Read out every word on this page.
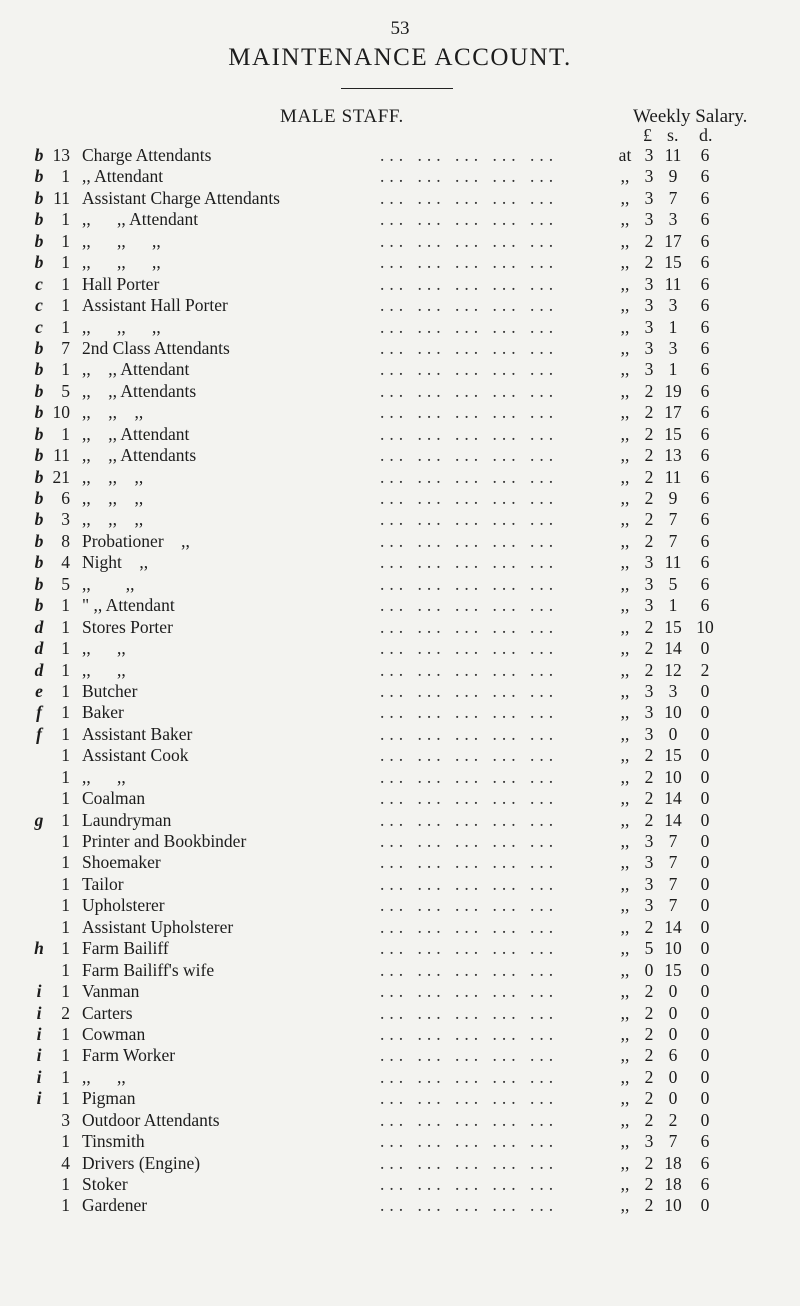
53
MAINTENANCE ACCOUNT.
MALE STAFF.	Weekly Salary.
£ s. d.
b 13 Charge Attendants	at 3 11	6
... ... ... ... ...
b	1 ,, Attendant	,, 3 9	6
... ... ... ... ...
b 11 Assistant Charge Attendants	,, 3 7	6
... ... ... ... ...
b	1 ,,      ,, Attendant	,, 3 3	6
... ... ... ... ...
b	1 ,,      ,,      ,,	,, 2 17	6
... ... ... ... ...
b	1 ,,      ,,      ,,	,, 2 15	6
... ... ... ... ...
c	1 Hall Porter	,, 3 11	6
... ... ... ... ...
c	1 Assistant Hall Porter	,, 3 3	6
... ... ... ... ...
c	1 ,,      ,,      ,,	,, 3 1	6
... ... ... ... ...
b	7 2nd Class Attendants	,, 3 3	6
... ... ... ... ...
b	1 ,,    ,, Attendant	,, 3 1	6
... ... ... ... ...
b	5 ,,    ,, Attendants	,, 2 19	6
... ... ... ... ...
b 10 ,,    ,,    ,,	,, 2 17	6
... ... ... ... ...
b	1 ,,    ,, Attendant	,, 2 15	6
... ... ... ... ...
b 11 ,,    ,, Attendants	,, 2 13	6
... ... ... ... ...
b 21 ,,    ,,    ,,	,, 2 11	6
... ... ... ... ...
b	6 ,,    ,,    ,,	,, 2 9	6
... ... ... ... ...
b	3 ,,    ,,    ,,	,, 2 7	6
... ... ... ... ...
b	8 Probationer    ,,	,, 2 7	6
... ... ... ... ...
b	4 Night    ,,	,, 3 11	6
... ... ... ... ...
b	5 ,,        ,,	,, 3 5	6
... ... ... ... ...
b	1 " ,, Attendant	,, 3 1	6
... ... ... ... ...
d	1 Stores Porter	,, 2 15 10
... ... ... ... ...
d	1 ,,      ,,	,, 2 14	0
... ... ... ... ...
d	1 ,,      ,,	,, 2 12	2
... ... ... ... ...
e	1 Butcher	,, 3 3	0
... ... ... ... ...
f	1 Baker	,, 3 10	0
... ... ... ... ...
f	1 Assistant Baker	,, 3 0	0
... ... ... ... ...
1 Assistant Cook	,, 2 15	0
... ... ... ... ...
1 ,,      ,,	,, 2 10	0
... ... ... ... ...
1 Coalman	,, 2 14	0
... ... ... ... ...
g	1 Laundryman	,, 2 14	0
... ... ... ... ...
1 Printer and Bookbinder	,, 3 7	0
... ... ... ... ...
1 Shoemaker	,, 3 7	0
... ... ... ... ...
1 Tailor	,, 3 7	0
... ... ... ... ...
1 Upholsterer	,, 3 7	0
... ... ... ... ...
1 Assistant Upholsterer	,, 2 14	0
... ... ... ... ...
h 1 Farm Bailiff	,, 5 10	0
... ... ... ... ...
1 Farm Bailiff's wife	,, 0 15	0
... ... ... ... ...
i	1 Vanman	,, 2 0	0
... ... ... ... ...
i	2 Carters	,, 2 0	0
... ... ... ... ...
i	1 Cowman	,, 2 0	0
... ... ... ... ...
i	1 Farm Worker	,, 2 6	0
... ... ... ... ...
i	1 ,,      ,,	,, 2 0	0
... ... ... ... ...
i	1 Pigman	,, 2 0	0
... ... ... ... ...
3 Outdoor Attendants	,, 2 2	0
... ... ... ... ...
1 Tinsmith	,, 3 7	6
... ... ... ... ...
4 Drivers (Engine)	,, 2 18	6
... ... ... ... ...
1 Stoker	,, 2 18	6
... ... ... ... ...
1 Gardener	,, 2 10	0
... ... ... ... ...
